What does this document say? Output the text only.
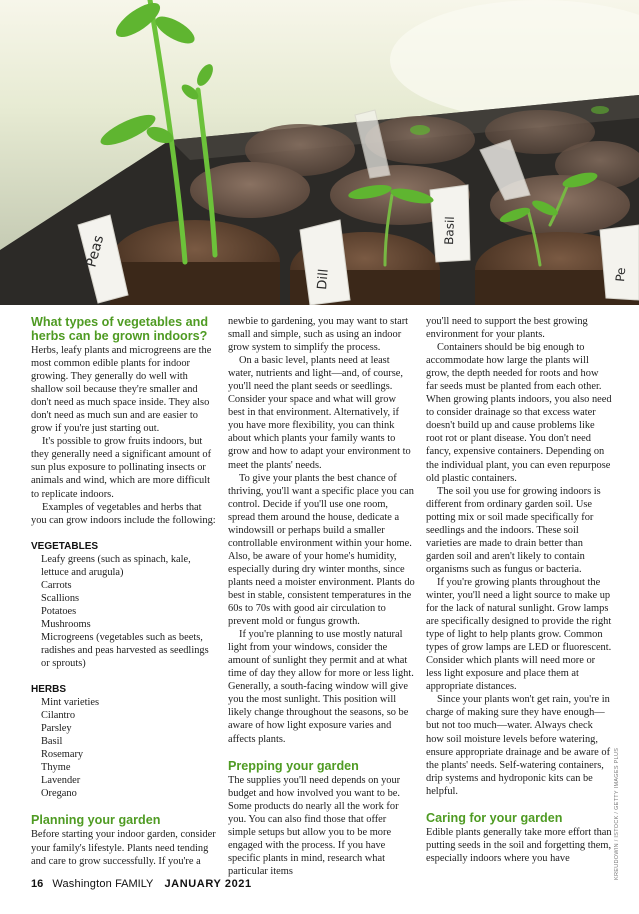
Peas
Dill
Basil
Pe
What types of vegetables and herbs can be grown indoors?

Herbs, leafy plants and microgreens are the most common edible plants for indoor growing. They generally do well with shallow soil because they're smaller and don't need as much space inside. They also don't need as much sun and are easier to grow if you're just starting out.

It's possible to grow fruits indoors, but they generally need a significant amount of sun plus exposure to pollinating insects or animals and wind, which are more difficult to replicate indoors.

Examples of vegetables and herbs that you can grow indoors include the following:

VEGETABLES
Leafy greens (such as spinach, kale, lettuce and arugula)
Carrots
Scallions
Potatoes
Mushrooms
Microgreens (vegetables such as beets, radishes and peas harvested as seedlings or sprouts)
HERBS
Mint varieties
Cilantro
Parsley
Basil
Rosemary
Thyme
Lavender
Oregano
Planning your garden

Before starting your indoor garden, consider your family's lifestyle. Plants need tending and care to grow successfully. If you're a

newbie to gardening, you may want to start small and simple, such as using an indoor grow system to simplify the process.

On a basic level, plants need at least water, nutrients and light—and, of course, you'll need the plant seeds or seedlings. Consider your space and what will grow best in that environment. Alternatively, if you have more flexibility, you can think about which plants your family wants to grow and how to adapt your environment to meet the plants' needs.

To give your plants the best chance of thriving, you'll want a specific place you can control. Decide if you'll use one room, spread them around the house, dedicate a windowsill or perhaps build a smaller controllable environment within your home. Also, be aware of your home's humidity, especially during dry winter months, since plants need a moister environment. Plants do best in stable, consistent temperatures in the 60s to 70s with good air circulation to prevent mold or fungus growth.

If you're planning to use mostly natural light from your windows, consider the amount of sunlight they permit and at what time of day they allow for more or less light. Generally, a south-facing window will give you the most sunlight. This position will likely change throughout the seasons, so be aware of how light exposure varies and affects plants.

Prepping your garden

The supplies you'll need depends on your budget and how involved you want to be. Some products do nearly all the work for you. You can also find those that offer simple setups but allow you to be more engaged with the process. If you have specific plants in mind, research what particular items

you'll need to support the best growing environment for your plants.

Containers should be big enough to accommodate how large the plants will grow, the depth needed for roots and how far seeds must be planted from each other. When growing plants indoors, you also need to consider drainage so that excess water doesn't build up and cause problems like root rot or plant disease. You don't need fancy, expensive containers. Depending on the individual plant, you can even repurpose old plastic containers.

The soil you use for growing indoors is different from ordinary garden soil. Use potting mix or soil made specifically for seedlings and the indoors. These soil varieties are made to drain better than garden soil and aren't likely to contain organisms such as fungus or bacteria.

If you're growing plants throughout the winter, you'll need a light source to make up for the lack of natural sunlight. Grow lamps are specifically designed to provide the right type of light to help plants grow. Common types of grow lamps are LED or fluorescent. Consider which plants will need more or less light exposure and place them at appropriate distances.

Since your plants won't get rain, you're in charge of making sure they have enough—but not too much—water. Always check how soil moisture levels before watering, ensure appropriate drainage and be aware of the plants' needs. Self-watering containers, drip systems and hydroponic kits can be helpful.

Caring for your garden

Edible plants generally take more effort than putting seeds in the soil and forgetting them, especially indoors where you have

16 Washington FAMILY JANUARY 2021
KREUDOWIN / ISTOCK / GETTY IMAGES PLUS
